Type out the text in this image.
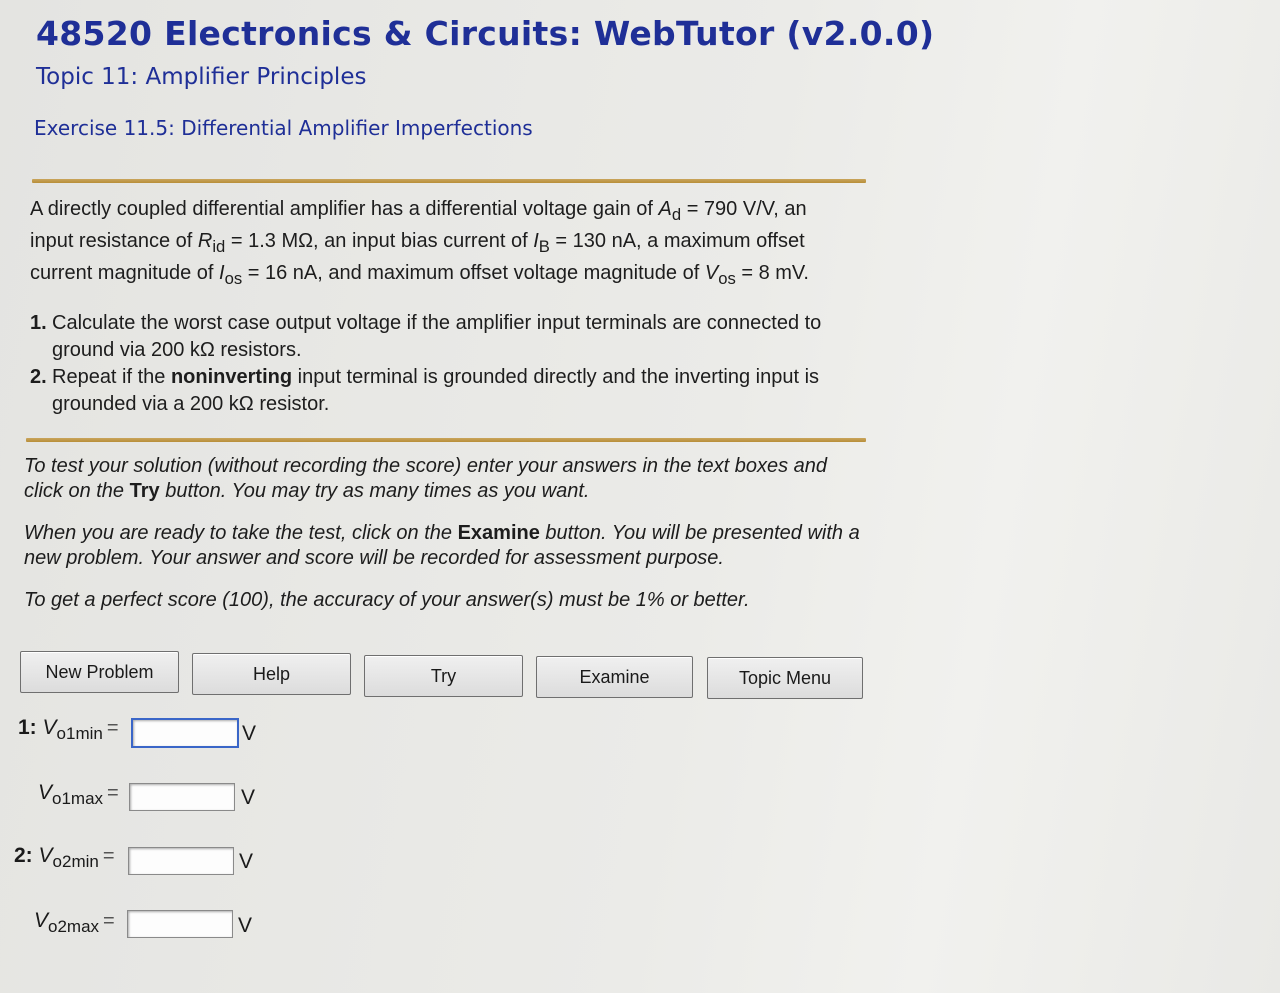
48520 Electronics & Circuits: WebTutor (v2.0.0)
Topic 11: Amplifier Principles
Exercise 11.5: Differential Amplifier Imperfections

A directly coupled differential amplifier has a differential voltage gain of $A_d = 790$ V/V, an input resistance of $R_{id} = 1.3$ MΩ, an input bias current of $I_B = 130$ nA, a maximum offset current magnitude of $I_{os} = 16$ nA, and maximum offset voltage magnitude of $V_{os} = 8$ mV.

1. Calculate the worst case output voltage if the amplifier input terminals are connected to ground via 200 kΩ resistors.
2. Repeat if the noninverting input terminal is grounded directly and the inverting input is grounded via a 200 kΩ resistor.

To test your solution (without recording the score) enter your answers in the text boxes and click on the Try button. You may try as many times as you want.

When you are ready to take the test, click on the Examine button. You will be presented with a new problem. Your answer and score will be recorded for assessment purpose.

To get a perfect score (100), the accuracy of your answer(s) must be 1% or better.

New Problem	Help	Try	Examine	Topic Menu
1: $V_{o1min}$ =	V
$V_{o1max}$ =	V
2: $V_{o2min}$ =	V
$V_{o2max}$ =	V
